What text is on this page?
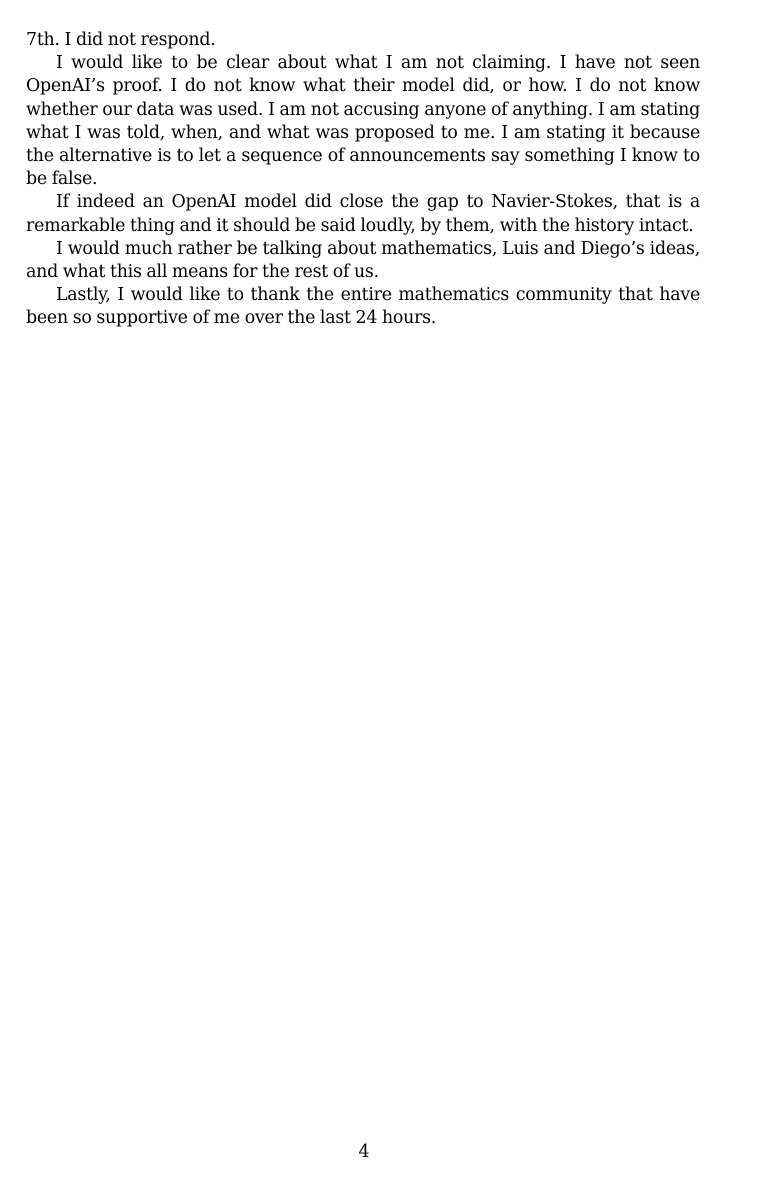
7th. I did not respond.

I would like to be clear about what I am not claiming. I have not seen OpenAI’s proof. I do not know what their model did, or how. I do not know whether our data was used. I am not accusing anyone of anything. I am stating what I was told, when, and what was proposed to me. I am stating it because the alternative is to let a sequence of announcements say something I know to be false.

If indeed an OpenAI model did close the gap to Navier-Stokes, that is a remarkable thing and it should be said loudly, by them, with the history intact.

I would much rather be talking about mathematics, Luis and Diego’s ideas, and what this all means for the rest of us.

Lastly, I would like to thank the entire mathematics community that have been so supportive of me over the last 24 hours.

4
